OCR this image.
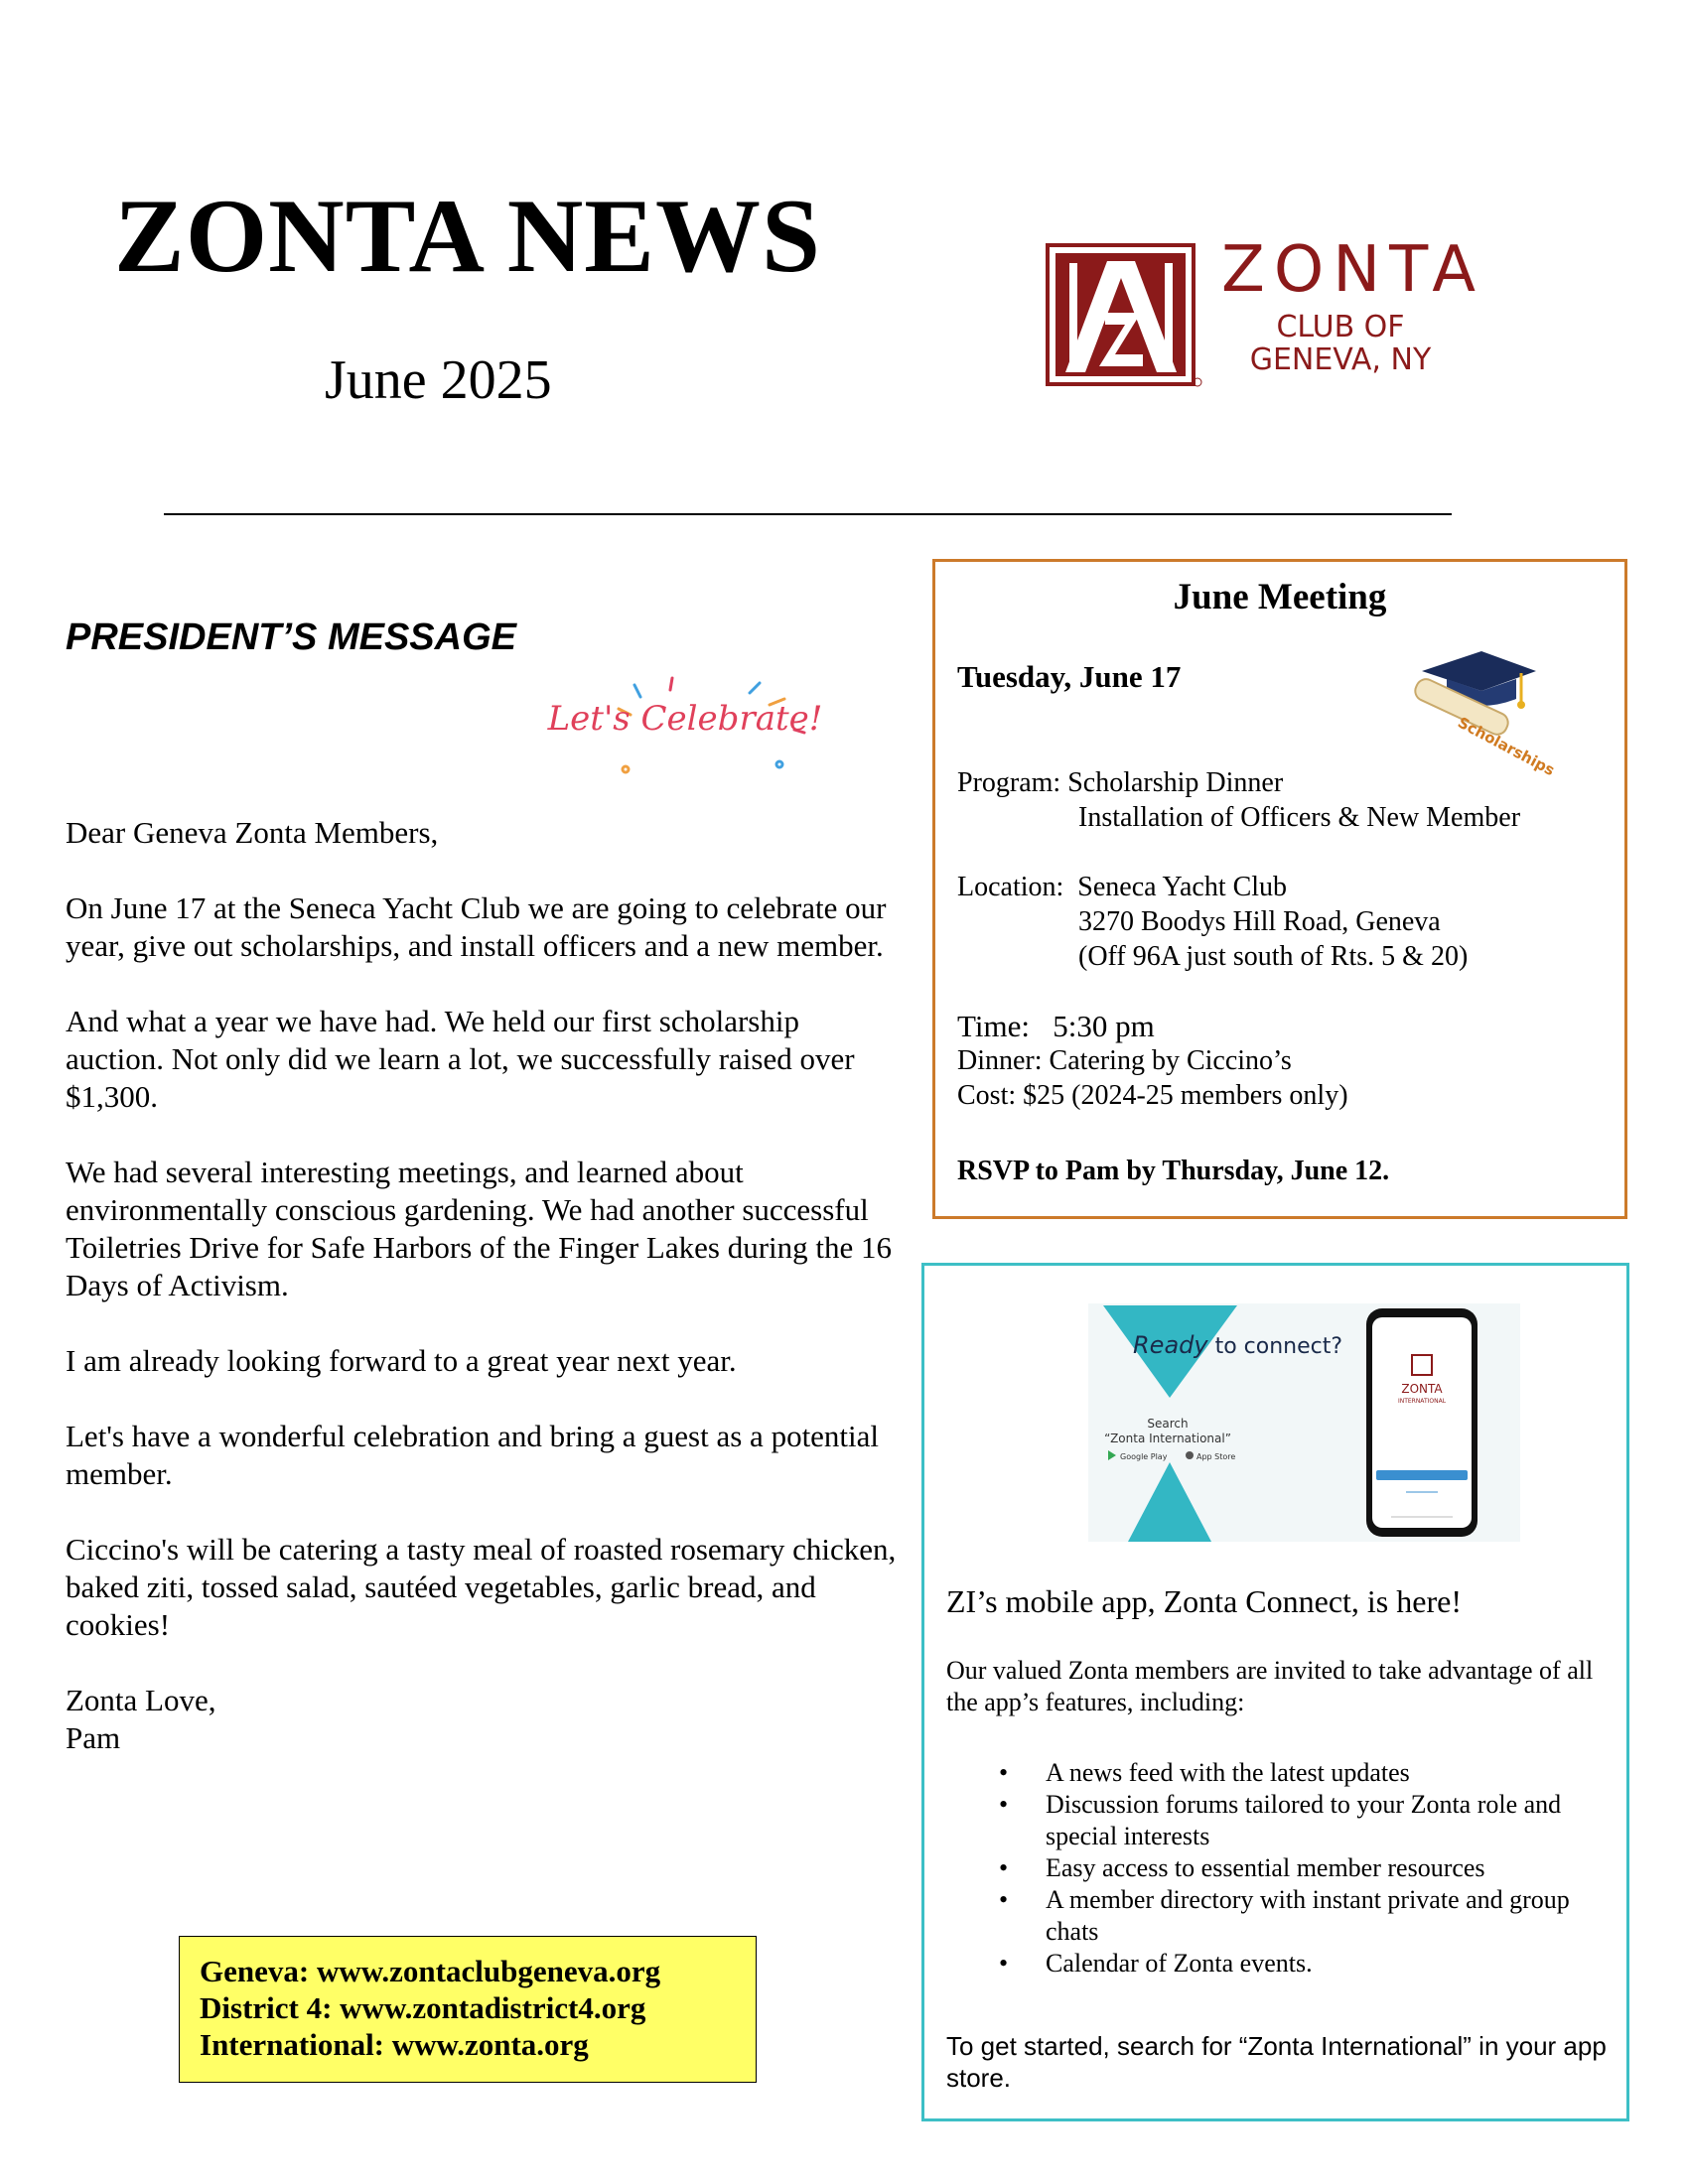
ZONTA NEWS
June 2025
ZONTA
CLUB OF
GENEVA, NY
PRESIDENT’S MESSAGE
Let's Celebrate!

Dear Geneva Zonta Members,

On June 17 at the Seneca Yacht Club we are going to celebrate our year, give out scholarships, and install officers and a new member.

And what a year we have had. We held our first scholarship auction. Not only did we learn a lot, we successfully raised over $1,300.

We had several interesting meetings, and learned about environmentally conscious gardening. We had another successful Toiletries Drive for Safe Harbors of the Finger Lakes during the 16 Days of Activism.

I am already looking forward to a great year next year.

Let's have a wonderful celebration and bring a guest as a potential member.

Ciccino's will be catering a tasty meal of roasted rosemary chicken, baked ziti, tossed salad, sautéed vegetables, garlic bread, and cookies!

Zonta Love,
Pam
Geneva: www.zontaclubgeneva.org
District 4: www.zontadistrict4.org
International: www.zonta.org
June Meeting
Tuesday, June 17
Scholarships
Program: Scholarship Dinner
Installation of Officers & New Member
Location: Seneca Yacht Club
3270 Boodys Hill Road, Geneva
(Off 96A just south of Rts. 5 & 20)
Time: 5:30 pm
Dinner: Catering by Ciccino’s
Cost: $25 (2024-25 members only)
RSVP to Pam by Thursday, June 12.
Ready to connect?
Search
“Zonta International”
Google Play	App Store
ZONTA
INTERNATIONAL
ZI’s mobile app, Zonta Connect, is here!
Our valued Zonta members are invited to take advantage of all the app’s features, including:
• A news feed with the latest updates
• Discussion forums tailored to your Zonta role and special interests
• Easy access to essential member resources
• A member directory with instant private and group chats
• Calendar of Zonta events.
To get started, search for “Zonta International” in your app store.
